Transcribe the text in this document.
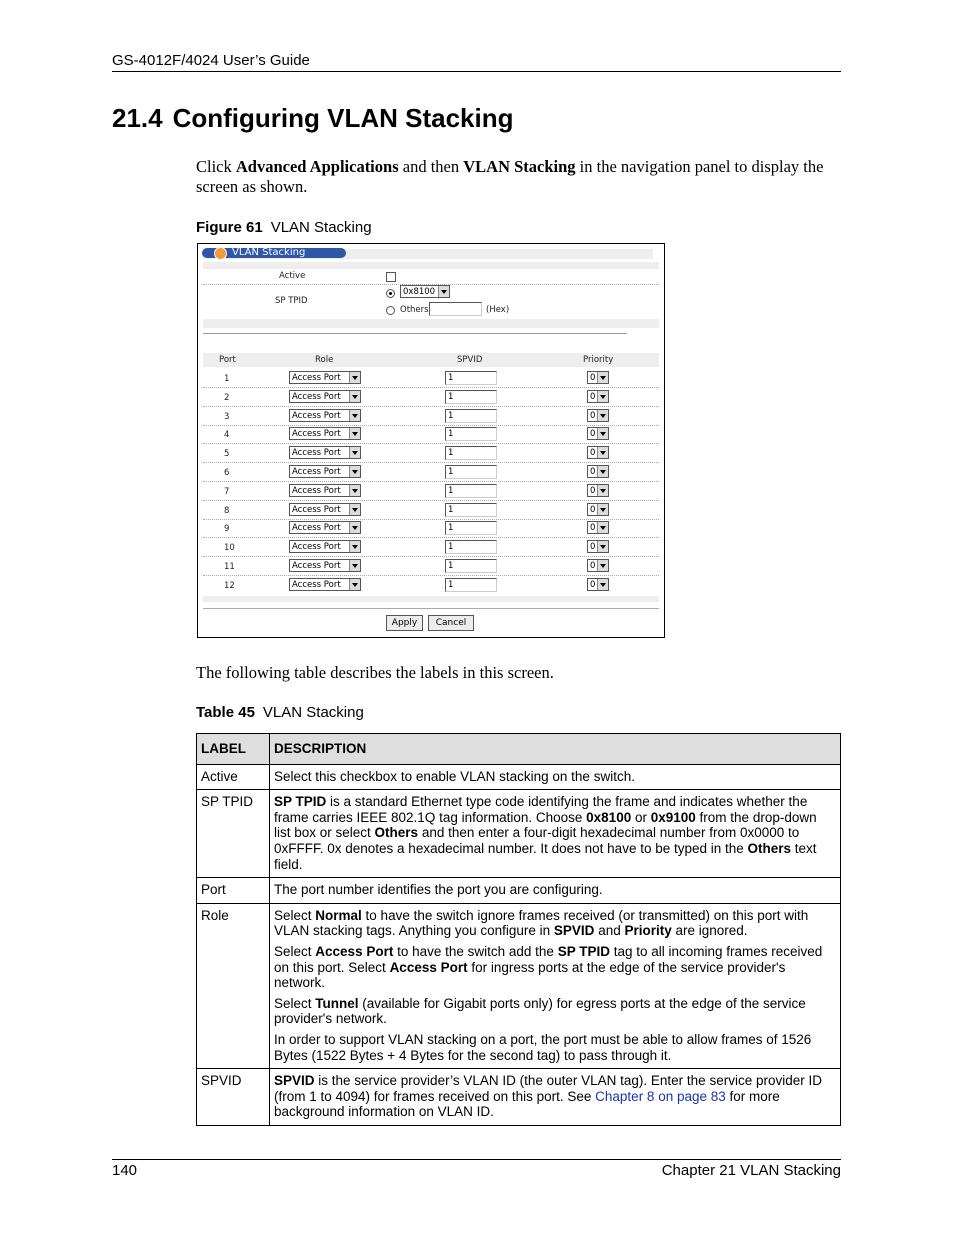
GS-4012F/4024 User’s Guide
21.4 Configuring VLAN Stacking
Click Advanced Applications and then VLAN Stacking in the navigation panel to display the screen as shown.
Figure 61 VLAN Stacking
VLAN Stacking
Active
SP TPID
0x8100
Others	(Hex)
Port	Role	SPVID	Priority
1	Access Port	1	0
2	Access Port	1	0
3	Access Port	1	0
4	Access Port	1	0
5	Access Port	1	0
6	Access Port	1	0
7	Access Port	1	0
8	Access Port	1	0
9	Access Port	1	0
10	Access Port	1	0
11	Access Port	1	0
12	Access Port	1	0
Apply	Cancel
The following table describes the labels in this screen.
Table 45 VLAN Stacking
LABEL	DESCRIPTION
Active	Select this checkbox to enable VLAN stacking on the switch.
SP TPID	SP TPID is a standard Ethernet type code identifying the frame and indicates whether the frame carries IEEE 802.1Q tag information. Choose 0x8100 or 0x9100 from the drop-down list box or select Others and then enter a four-digit hexadecimal number from 0x0000 to 0xFFFF. 0x denotes a hexadecimal number. It does not have to be typed in the Others text field.
Port	The port number identifies the port you are configuring.
Role	Select Normal to have the switch ignore frames received (or transmitted) on this port with VLAN stacking tags. Anything you configure in SPVID and Priority are ignored.

Select Access Port to have the switch add the SP TPID tag to all incoming frames received on this port. Select Access Port for ingress ports at the edge of the service provider's network.

Select Tunnel (available for Gigabit ports only) for egress ports at the edge of the service provider's network.

In order to support VLAN stacking on a port, the port must be able to allow frames of 1526 Bytes (1522 Bytes + 4 Bytes for the second tag) to pass through it.

SPVID	SPVID is the service provider’s VLAN ID (the outer VLAN tag). Enter the service provider ID (from 1 to 4094) for frames received on this port. See Chapter 8 on page 83 for more background information on VLAN ID.
140	Chapter 21 VLAN Stacking
